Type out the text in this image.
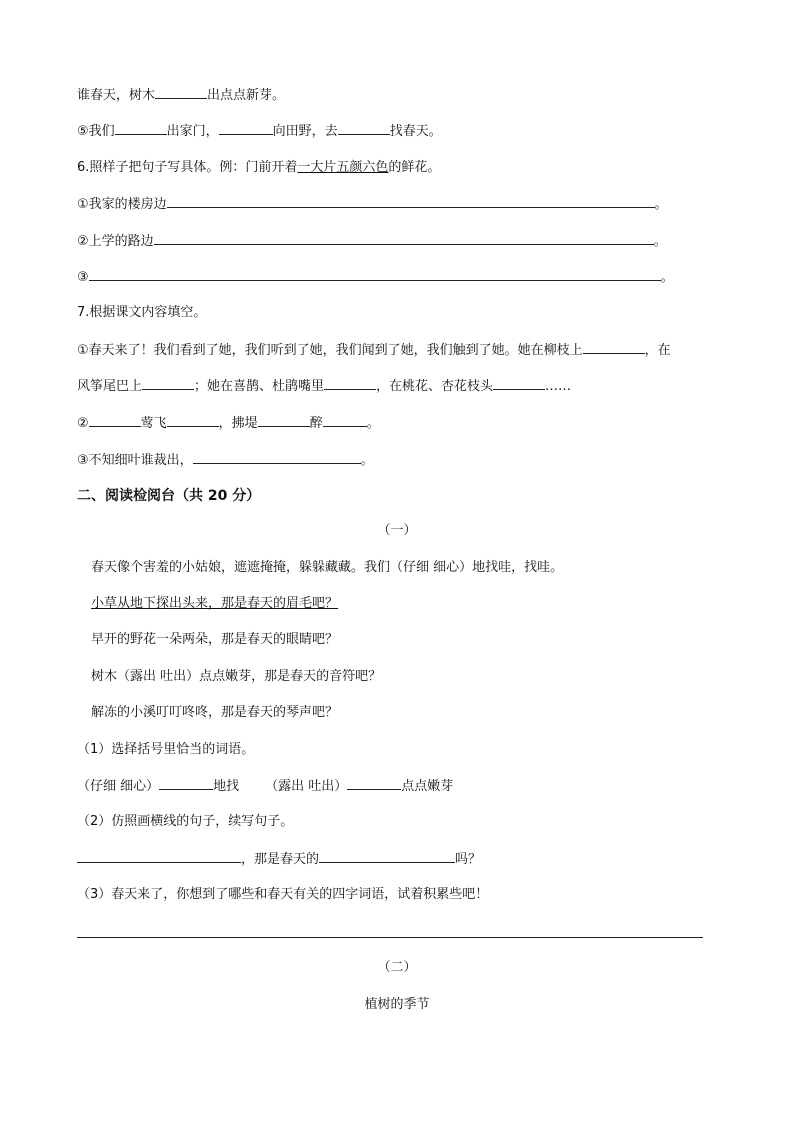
谁春天，树木	出点点新芽。
⑤我们	出家门，	向田野，去	找春天。
6.照样子把句子写具体。例：门前开着一大片五颜六色的鲜花。
①我家的楼房边	。
②上学的路边	。
③	。
7.根据课文内容填空。
①春天来了！我们看到了她，我们听到了她，我们闻到了她，我们触到了她。她在柳枝上	，在
风筝尾巴上	；她在喜鹊、杜鹃嘴里	，在桃花、杏花枝头	……
②	莺飞	，拂堤	醉	。
③不知细叶谁裁出，	。
二、阅读检阅台（共 20 分）
（一）
春天像个害羞的小姑娘，遮遮掩掩，躲躲藏藏。我们（仔细 细心）地找哇，找哇。
小草从地下探出头来，那是春天的眉毛吧？
早开的野花一朵两朵，那是春天的眼睛吧？
树木（露出 吐出）点点嫩芽，那是春天的音符吧？
解冻的小溪叮叮咚咚，那是春天的琴声吧？
（1）选择括号里恰当的词语。
（仔细 细心）	地找 （露出 吐出）	点点嫩芽
（2）仿照画横线的句子，续写句子。
，那是春天的	吗？
（3）春天来了，你想到了哪些和春天有关的四字词语，试着积累些吧！
（二）
植树的季节
